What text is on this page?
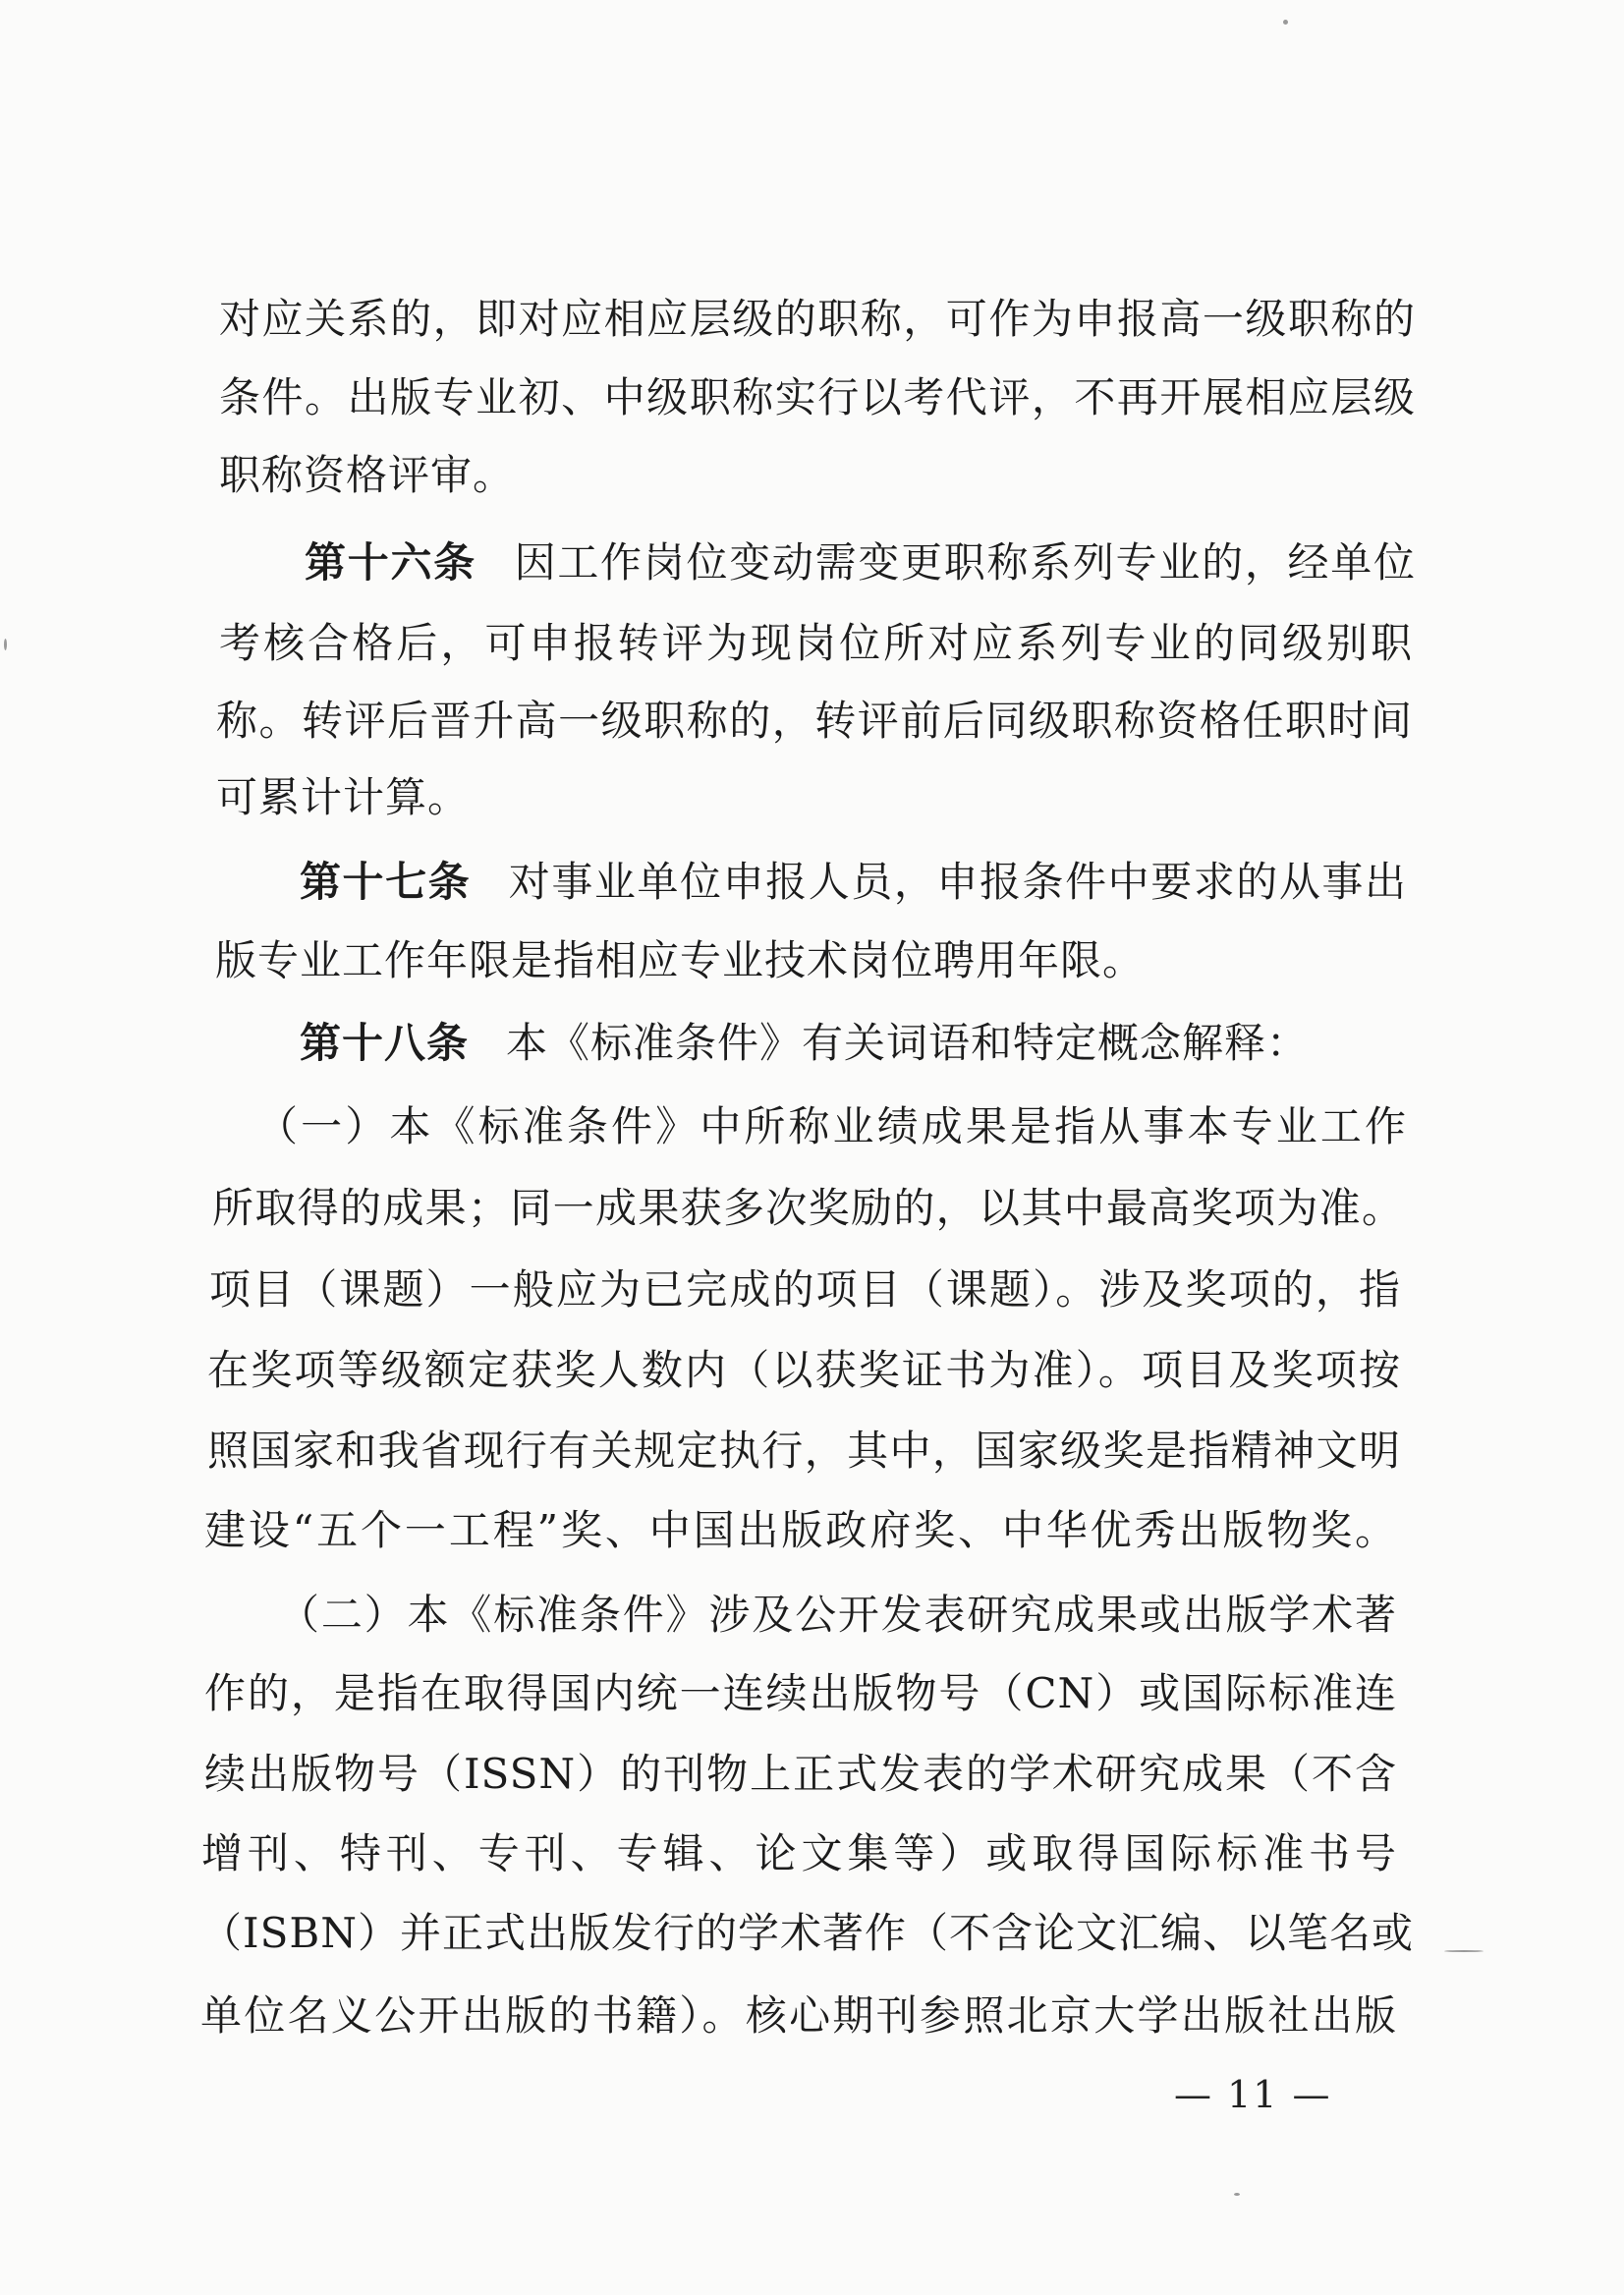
对应关系的，即对应相应层级的职称，可作为申报高一级职称的
条件。出版专业初、中级职称实行以考代评，不再开展相应层级
职称资格评审。
第十六条 因工作岗位变动需变更职称系列专业的，经单位
考核合格后，可申报转评为现岗位所对应系列专业的同级别职
称。转评后晋升高一级职称的，转评前后同级职称资格任职时间
可累计计算。
第十七条 对事业单位申报人员，申报条件中要求的从事出
版专业工作年限是指相应专业技术岗位聘用年限。
第十八条 本《标准条件》有关词语和特定概念解释：
（一）本《标准条件》中所称业绩成果是指从事本专业工作
所取得的成果；同一成果获多次奖励的，以其中最高奖项为准。
项目（课题）一般应为已完成的项目（课题）。涉及奖项的，指
在奖项等级额定获奖人数内（以获奖证书为准）。项目及奖项按
照国家和我省现行有关规定执行，其中，国家级奖是指精神文明
建设“五个一工程”奖、中国出版政府奖、中华优秀出版物奖。
（二）本《标准条件》涉及公开发表研究成果或出版学术著
作的，是指在取得国内统一连续出版物号（CN）或国际标准连
续出版物号（ISSN）的刊物上正式发表的学术研究成果（不含
增刊、特刊、专刊、专辑、论文集等）或取得国际标准书号
（ISBN）并正式出版发行的学术著作（不含论文汇编、以笔名或
单位名义公开出版的书籍）。核心期刊参照北京大学出版社出版
— 11 —
